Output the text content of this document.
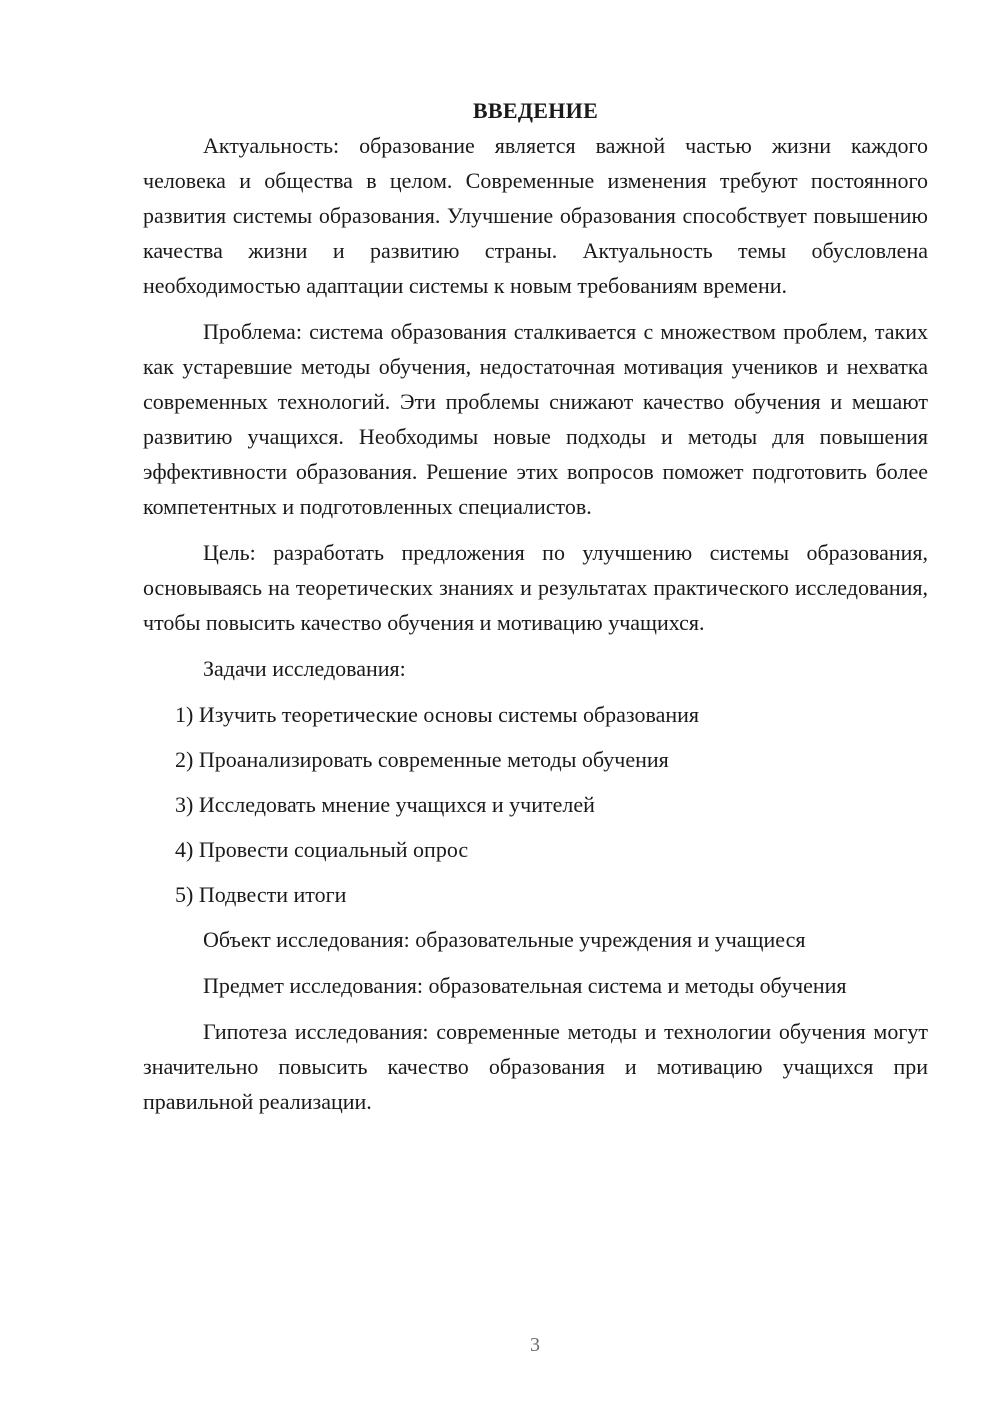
ВВЕДЕНИЕ

Актуальность: образование является важной частью жизни каждого человека и общества в целом. Современные изменения требуют постоянного развития системы образования. Улучшение образования способствует повышению качества жизни и развитию страны. Актуальность темы обусловлена необходимостью адаптации системы к новым требованиям времени.

Проблема: система образования сталкивается с множеством проблем, таких как устаревшие методы обучения, недостаточная мотивация учеников и нехватка современных технологий. Эти проблемы снижают качество обучения и мешают развитию учащихся. Необходимы новые подходы и методы для повышения эффективности образования. Решение этих вопросов поможет подготовить более компетентных и подготовленных специалистов.

Цель: разработать предложения по улучшению системы образования, основываясь на теоретических знаниях и результатах практического исследования, чтобы повысить качество обучения и мотивацию учащихся.

Задачи исследования:

1) Изучить теоретические основы системы образования
2) Проанализировать современные методы обучения
3) Исследовать мнение учащихся и учителей
4) Провести социальный опрос
5) Подвести итоги

Объект исследования: образовательные учреждения и учащиеся

Предмет исследования: образовательная система и методы обучения

Гипотеза исследования: современные методы и технологии обучения могут значительно повысить качество образования и мотивацию учащихся при правильной реализации.

3
